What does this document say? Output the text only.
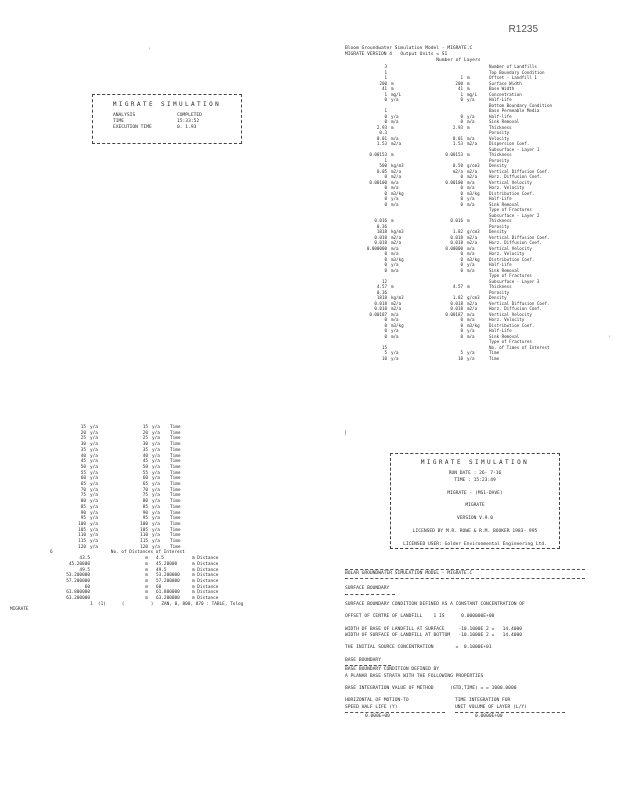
R1235
MIGRATE SIMULATION
ANALYSIS	COMPLETED
TIME	15:33:52
EXECUTION TIME	0. 1.93
Bloom Groundwater Simulation Model - MIGRATE.C
MIGRATE VERSION 4   Output Units = SI
Number of Layers
3				Number of Landfills
1				Top Boundary Condition
1		1	m	Offset - Landfill 1
200	m	200	m	Surface Width
41	m	41	m	Base Width
1	mg/L	1	mg/L	Concentration
0	y/a	0	y/a	Half-Life
				Bottom Boundary Condition
1				Base Permeable Media
0	y/a	0	y/a	Half-life
0	m/a	0	m/a	Sink Removal
2.93	m	2.93	m	Thickness
0.3				Porosity
0.01	m/a	0.01	m/a	Velocity
1.53	m2/a	1.53	m2/a	Dispersion Coef.
				Subsurface - Layer 1
0.00153	m	0.00153	m	Thickness
1				Porosity
500	kg/m3	0.50	g/cm3	Density
0.05	m2/a	m2/a	m2/a	Vertical Diffusion Coef.
0	m2/a	0	m2/a	Horz. Diffusion Coef.
0.00100	m/a	0.00100	m/a	Vertical Velocity
0	m/a	0	m/a	Horz. Velocity
0	m3/kg	0	m3/kg	Distribution Coef.
0	y/a	0	y/a	Half-Life
0	m/a	0	m/a	Sink Removal
				Type of Fractures
				Subsurface - Layer 2
0.016	m	0.016	m	Thickness
0.36				Porosity
1818	kg/m3	1.82	g/cm3	Density
0.018	m2/a	0.018	m2/a	Vertical Diffusion Coef.
0.018	m2/a	0.018	m2/a	Horz. Diffusion Coef.
0.000000	m/a	0.00000	m/a	Vertical Velocity
0	m/a	0	m/a	Horz. Velocity
0	m3/kg	0	m3/kg	Distribution Coef.
0	y/a	0	y/a	Half-Life
0	m/a	0	m/a	Sink Removal
				Type of Fractures
12				Subsurface - Layer 3
4.57	m	4.57	m	Thickness
0.36				Porosity
1818	kg/m3	1.82	g/cm3	Density
0.018	m2/a	0.018	m2/a	Vertical Diffusion Coef.
0.018	m2/a	0.018	m2/a	Horz. Diffusion Coef.
0.00187	m/a	0.00187	m/a	Vertical Velocity
0	m/a	0	m/a	Horz. Velocity
0	m3/kg	0	m3/kg	Distribution Coef.
0	y/a	0	y/a	Half-Life
0	m/a	0	m/a	Sink Removal
				Type of Fractures
15				No. of Times of Interest
5	y/a	5	y/a	Time
10	y/a	10	y/a	Time
15	y/a	15	y/a	Time
20	y/a	20	y/a	Time
25	y/a	25	y/a	Time
30	y/a	30	y/a	Time
35	y/a	35	y/a	Time
40	y/a	40	y/a	Time
45	y/a	45	y/a	Time
50	y/a	50	y/a	Time
55	y/a	55	y/a	Time
60	y/a	60	y/a	Time
65	y/a	65	y/a	Time
70	y/a	70	y/a	Time
75	y/a	75	y/a	Time
80	y/a	80	y/a	Time
85	y/a	85	y/a	Time
90	y/a	90	y/a	Time
95	y/a	95	y/a	Time
100	y/a	100	y/a	Time
105	y/a	105	y/a	Time
110	y/a	110	y/a	Time
115	y/a	115	y/a	Time
120	y/a	120	y/a	Time
6                      No. of Distances of Interest
43.5	m	4.5	m Distance
45.20000	m	45.20000	m Distance
49.5	m	49.5	m Distance
53.200000	m	53.200000	m Distance
57.200000	m	57.200000	m Distance
60	m	60	m Distance
61.800000	m	61.800000	m Distance
63.200000	m	63.200000	m Distance
1  (1)      (          )   ZAN, 0, 800, 870 : TABLE, Tolog
MIGRATE
MIGRATE SIMULATION
RUN DATE : 26- 7-16
TIME : 15:23:49

MIGRATE - (MS1-DAVE)

MIGRATE

VERSION V.9.0

LICENSED BY M.R. ROWE & R.M. BOOKER 1983- 995

LICENSED USER: Golder Environmental Engineering Ltd.
BOLAR GROUNDWATER SIMULATION MODEL - MIGRATE.C
SURFACE BOUNDARY
SURFACE BOUNDARY CONDITION DEFINED AS A CONSTANT CONCENTRATION OF
OFFSET OF CENTRE OF LANDFILL    1 IS      0.000000E+00
WIDTH OF BASE OF LANDFILL AT SURFACE     -10.1000E 2 =   14.4000
WIDTH OF SURFACE OF LANDFILL AT BOTTOM   -10.1000E 2 =   14.4000
THE INITIAL SOURCE CONCENTRATION        =  0.1000E+01
BASE BOUNDARY
BASE BOUNDARY CONDITION DEFINED BY
A PLANAR BASE STRATA WITH THE FOLLOWING PROPERTIES
BASE INTEGRATION VALUE OF METHOD      (GTD,TIME) = = 1000.0000
HORIZONTAL OF MOTION-TO
SPEED HALF LIFE (Y)
0.000E+00
TIME INTEGRATION FOR
UNIT VOLUME OF LAYER (L/Y)
0.0000E+00
·
|
·
